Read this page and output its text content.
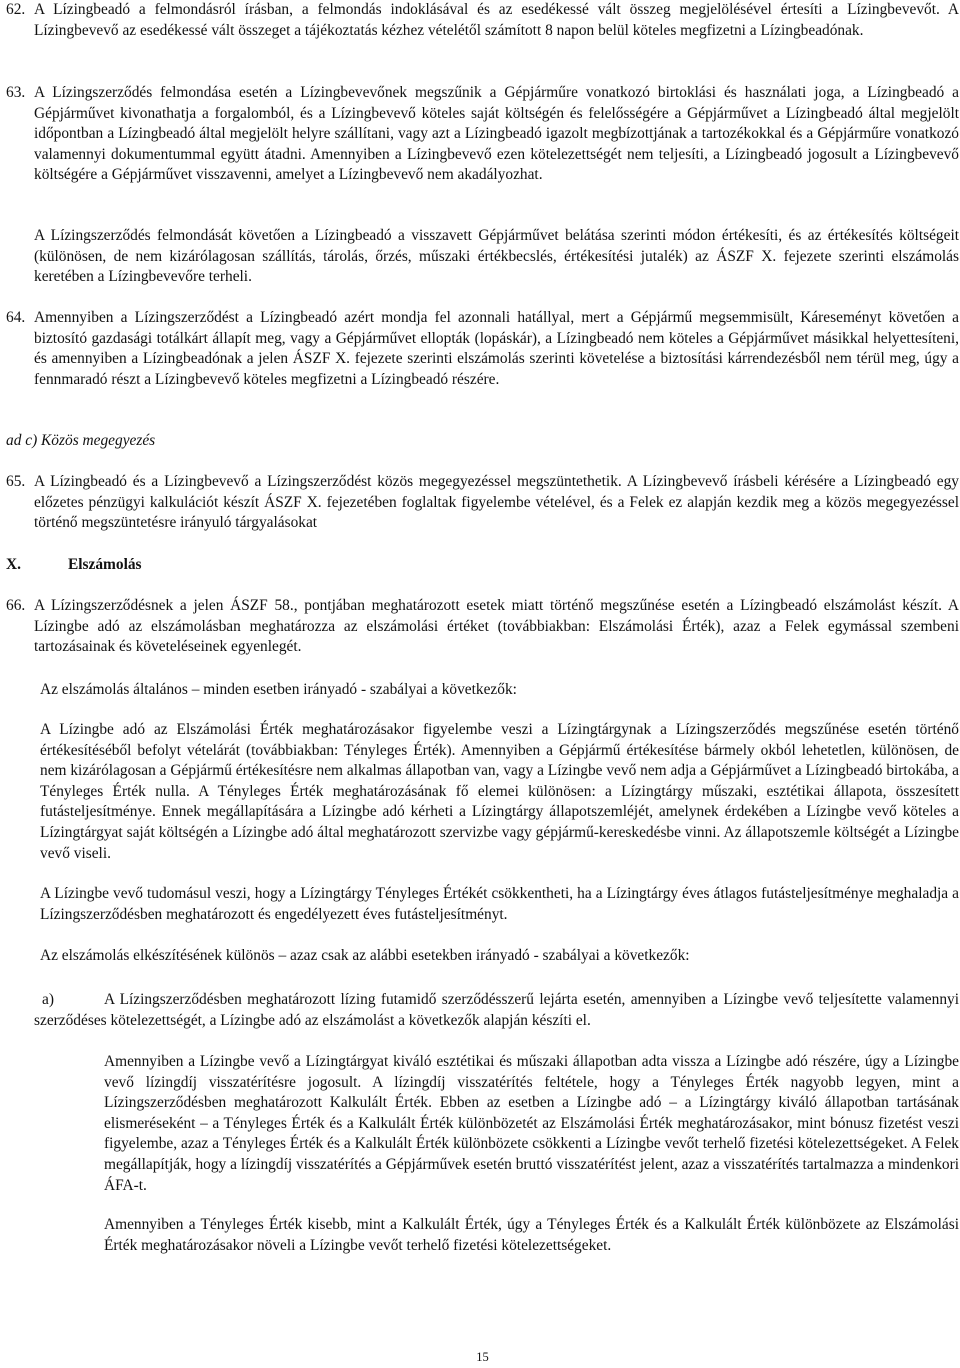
62. A Lízingbeadó a felmondásról írásban, a felmondás indoklásával és az esedékessé vált összeg megjelölésével értesíti a Lízingbevevőt. A Lízingbevevő az esedékessé vált összeget a tájékoztatás kézhez vételétől számított 8 napon belül köteles megfizetni a Lízingbeadónak.
63. A Lízingszerződés felmondása esetén a Lízingbevevőnek megszűnik a Gépjárműre vonatkozó birtoklási és használati joga, a Lízingbeadó a Gépjárművet kivonathatja a forgalomból, és a Lízingbevevő köteles saját költségén és felelősségére a Gépjárművet a Lízingbeadó által megjelölt időpontban a Lízingbeadó által megjelölt helyre szállítani, vagy azt a Lízingbeadó igazolt megbízottjának a tartozékokkal és a Gépjárműre vonatkozó valamennyi dokumentummal együtt átadni. Amennyiben a Lízingbevevő ezen kötelezettségét nem teljesíti, a Lízingbeadó jogosult a Lízingbevevő költségére a Gépjárművet visszavenni, amelyet a Lízingbevevő nem akadályozhat.
A Lízingszerződés felmondását követően a Lízingbeadó a visszavett Gépjárművet belátása szerinti módon értékesíti, és az értékesítés költségeit (különösen, de nem kizárólagosan szállítás, tárolás, őrzés, műszaki értékbecslés, értékesítési jutalék) az ÁSZF X. fejezete szerinti elszámolás keretében a Lízingbevevőre terheli.
64. Amennyiben a Lízingszerződést a Lízingbeadó azért mondja fel azonnali hatállyal, mert a Gépjármű megsemmisült, Káreseményt követően a biztosító gazdasági totálkárt állapít meg, vagy a Gépjárművet ellopták (lopáskár), a Lízingbeadó nem köteles a Gépjárművet másikkal helyettesíteni, és amennyiben a Lízingbeadónak a jelen ÁSZF X. fejezete szerinti elszámolás szerinti követelése a biztosítási kárrendezésből nem térül meg, úgy a fennmaradó részt a Lízingbevevő köteles megfizetni a Lízingbeadó részére.
ad c) Közös megegyezés
65. A Lízingbeadó és a Lízingbevevő a Lízingszerződést közös megegyezéssel megszüntethetik. A Lízingbevevő írásbeli kérésére a Lízingbeadó egy előzetes pénzügyi kalkulációt készít ÁSZF X. fejezetében foglaltak figyelembe vételével, és a Felek ez alapján kezdik meg a közös megegyezéssel történő megszüntetésre irányuló tárgyalásokat
X.	Elszámolás
66. A Lízingszerződésnek a jelen ÁSZF 58., pontjában meghatározott esetek miatt történő megszűnése esetén a Lízingbeadó elszámolást készít. A Lízingbe adó az elszámolásban meghatározza az elszámolási értéket (továbbiakban: Elszámolási Érték), azaz a Felek egymással szembeni tartozásainak és követeléseinek egyenlegét.
Az elszámolás általános – minden esetben irányadó - szabályai a következők:
A Lízingbe adó az Elszámolási Érték meghatározásakor figyelembe veszi a Lízingtárgynak a Lízingszerződés megszűnése esetén történő értékesítéséből befolyt vételárát (továbbiakban: Tényleges Érték). Amennyiben a Gépjármű értékesítése bármely okból lehetetlen, különösen, de nem kizárólagosan a Gépjármű értékesítésre nem alkalmas állapotban van, vagy a Lízingbe vevő nem adja a Gépjárművet a Lízingbeadó birtokába, a Tényleges Érték nulla. A Tényleges Érték meghatározásának fő elemei különösen: a Lízingtárgy műszaki, esztétikai állapota, összesített futásteljesítménye. Ennek megállapítására a Lízingbe adó kérheti a Lízingtárgy állapotszemléjét, amelynek érdekében a Lízingbe vevő köteles a Lízingtárgyat saját költségén a Lízingbe adó által meghatározott szervizbe vagy gépjármű-kereskedésbe vinni. Az állapotszemle költségét a Lízingbe vevő viseli.
A Lízingbe vevő tudomásul veszi, hogy a Lízingtárgy Tényleges Értékét csökkentheti, ha a Lízingtárgy éves átlagos futásteljesítménye meghaladja a Lízingszerződésben meghatározott és engedélyezett éves futásteljesítményt.
Az elszámolás elkészítésének különös – azaz csak az alábbi esetekben irányadó - szabályai a következők:
a)	A Lízingszerződésben meghatározott lízing futamidő szerződésszerű lejárta esetén, amennyiben a Lízingbe vevő teljesítette valamennyi szerződéses kötelezettségét, a Lízingbe adó az elszámolást a következők alapján készíti el.
Amennyiben a Lízingbe vevő a Lízingtárgyat kiváló esztétikai és műszaki állapotban adta vissza a Lízingbe adó részére, úgy a Lízingbe vevő lízingdíj visszatérítésre jogosult. A lízingdíj visszatérítés feltétele, hogy a Tényleges Érték nagyobb legyen, mint a Lízingszerződésben meghatározott Kalkulált Érték. Ebben az esetben a Lízingbe adó – a Lízingtárgy kiváló állapotban tartásának elismeréseként – a Tényleges Érték és a Kalkulált Érték különbözetét az Elszámolási Érték meghatározásakor, mint bónusz fizetést veszi figyelembe, azaz a Tényleges Érték és a Kalkulált Érték különbözete csökkenti a Lízingbe vevőt terhelő fizetési kötelezettségeket. A Felek megállapítják, hogy a lízingdíj visszatérítés a Gépjárművek esetén bruttó visszatérítést jelent, azaz a visszatérítés tartalmazza a mindenkori ÁFA-t.
Amennyiben a Tényleges Érték kisebb, mint a Kalkulált Érték, úgy a Tényleges Érték és a Kalkulált Érték különbözete az Elszámolási Érték meghatározásakor növeli a Lízingbe vevőt terhelő fizetési kötelezettségeket.
15
